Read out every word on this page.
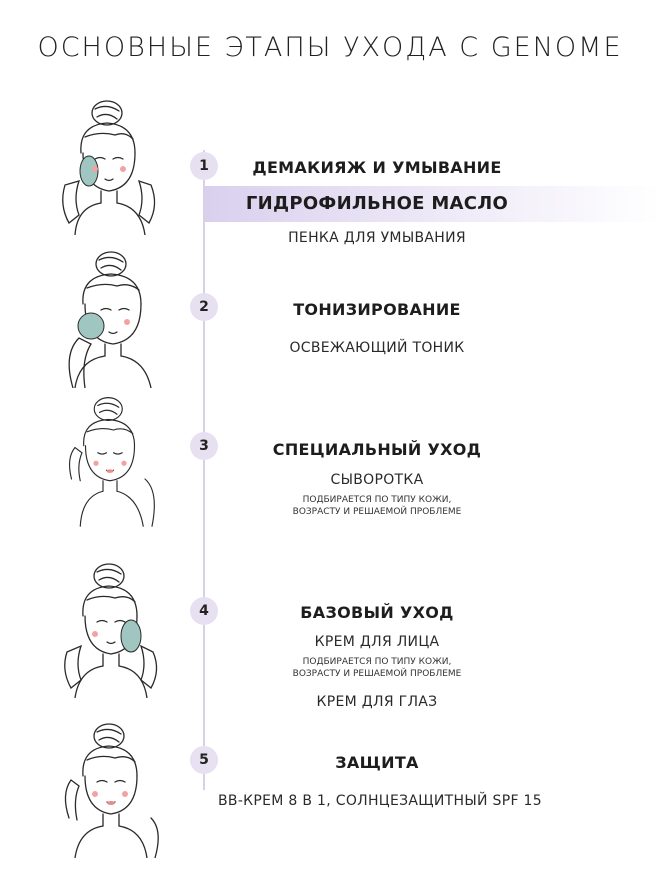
ОСНОВНЫЕ ЭТАПЫ УХОДА С GENOME
1	ДЕМАКИЯЖ И УМЫВАНИЕ
ГИДРОФИЛЬНОЕ МАСЛО
ПЕНКА ДЛЯ УМЫВАНИЯ
2	ТОНИЗИРОВАНИЕ
ОСВЕЖАЮЩИЙ ТОНИК
3	СПЕЦИАЛЬНЫЙ УХОД
СЫВОРОТКА
ПОДБИРАЕТСЯ ПО ТИПУ КОЖИ,
ВОЗРАСТУ И РЕШАЕМОЙ ПРОБЛЕМЕ
4	БАЗОВЫЙ УХОД
КРЕМ ДЛЯ ЛИЦА
ПОДБИРАЕТСЯ ПО ТИПУ КОЖИ,
ВОЗРАСТУ И РЕШАЕМОЙ ПРОБЛЕМЕ
КРЕМ ДЛЯ ГЛАЗ
5	ЗАЩИТА
BB-КРЕМ 8 В 1, СОЛНЦЕЗАЩИТНЫЙ SPF 15
